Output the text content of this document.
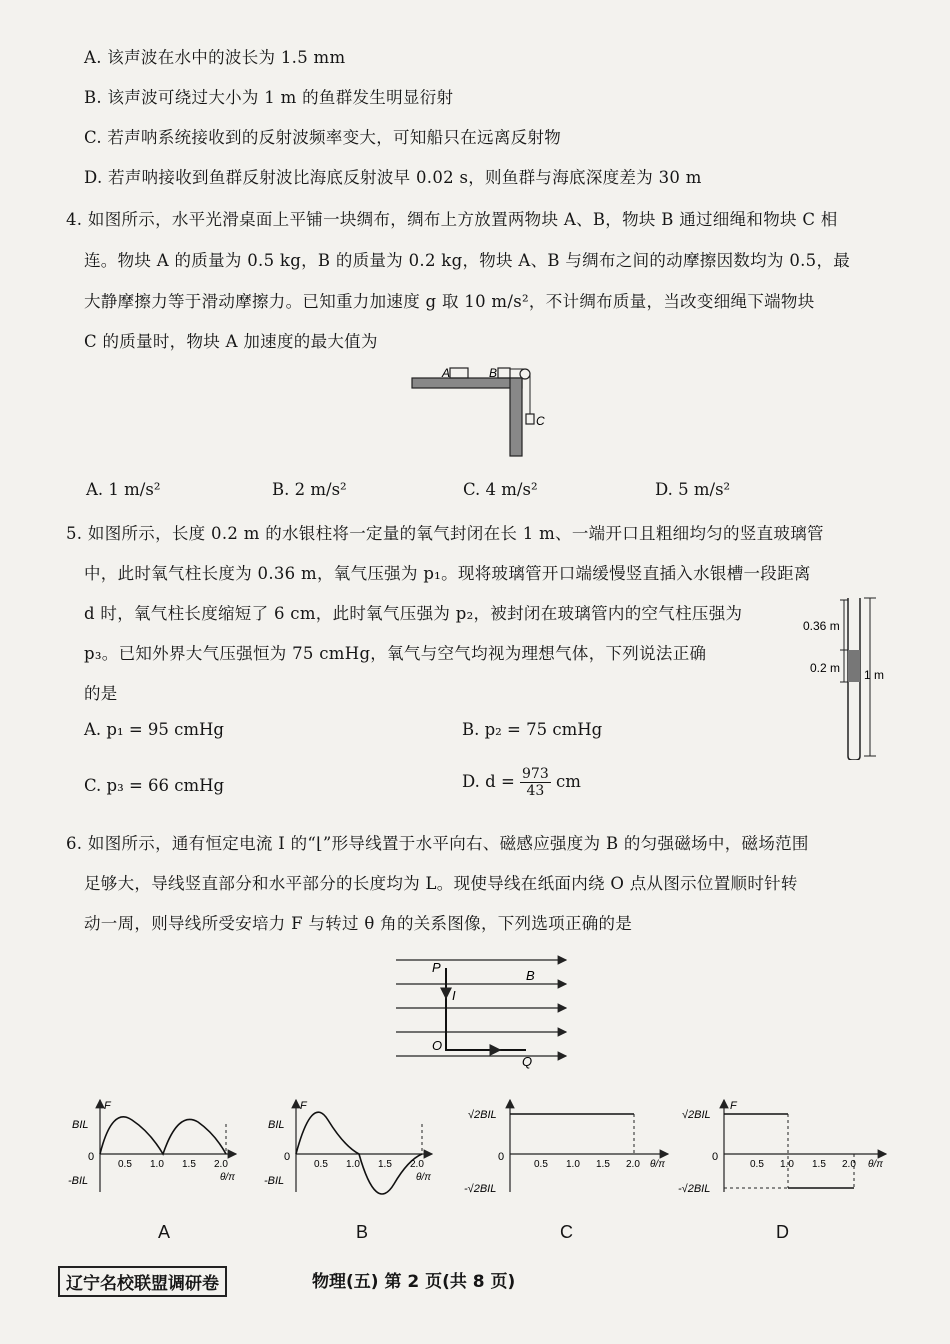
A. 该声波在水中的波长为 1.5 mm
B. 该声波可绕过大小为 1 m 的鱼群发生明显衍射
C. 若声呐系统接收到的反射波频率变大，可知船只在远离反射物
D. 若声呐接收到鱼群反射波比海底反射波早 0.02 s，则鱼群与海底深度差为 30 m
4. 如图所示，水平光滑桌面上平铺一块绸布，绸布上方放置两物块 A、B，物块 B 通过细绳和物块 C 相
连。物块 A 的质量为 0.5 kg，B 的质量为 0.2 kg，物块 A、B 与绸布之间的动摩擦因数均为 0.5，最
大静摩擦力等于滑动摩擦力。已知重力加速度 g 取 10 m/s²，不计绸布质量，当改变细绳下端物块
C 的质量时，物块 A 加速度的最大值为
A	B
C
A. 1 m/s²	B. 2 m/s²	C. 4 m/s²	D. 5 m/s²
5. 如图所示，长度 0.2 m 的水银柱将一定量的氧气封闭在长 1 m、一端开口且粗细均匀的竖直玻璃管
中，此时氧气柱长度为 0.36 m，氧气压强为 p₁。现将玻璃管开口端缓慢竖直插入水银槽一段距离
d 时，氧气柱长度缩短了 6 cm，此时氧气压强为 p₂，被封闭在玻璃管内的空气柱压强为
p₃。已知外界大气压强恒为 75 cmHg，氧气与空气均视为理想气体，下列说法正确
的是
A. p₁ = 95 cmHg	B. p₂ = 75 cmHg
C. p₃ = 66 cmHg	D. $d = \frac{973}{43}$ cm
0.36 m
0.2 m 1 m
6. 如图所示，通有恒定电流 I 的“⌊”形导线置于水平向右、磁感应强度为 B 的匀强磁场中，磁场范围
足够大，导线竖直部分和水平部分的长度均为 L。现使导线在纸面内绕 O 点从图示位置顺时针转
动一周，则导线所受安培力 F 与转过 θ 角的关系图像，下列选项正确的是
P
B
I
O
Q
F
BIL
0
-BIL
0.5 1.0 1.5 2.0
θ/π
A
F
BIL
0
-BIL
0.5 1.0 1.5 2.0
θ/π
B
√2BIL
0
-√2BIL
0.5 1.0 1.5 2.0 θ/π
C
F
√2BIL
0
-√2BIL
0.5 1.0 1.5 2.0 θ/π
D
辽宁名校联盟调研卷	物理(五) 第 2 页(共 8 页)
